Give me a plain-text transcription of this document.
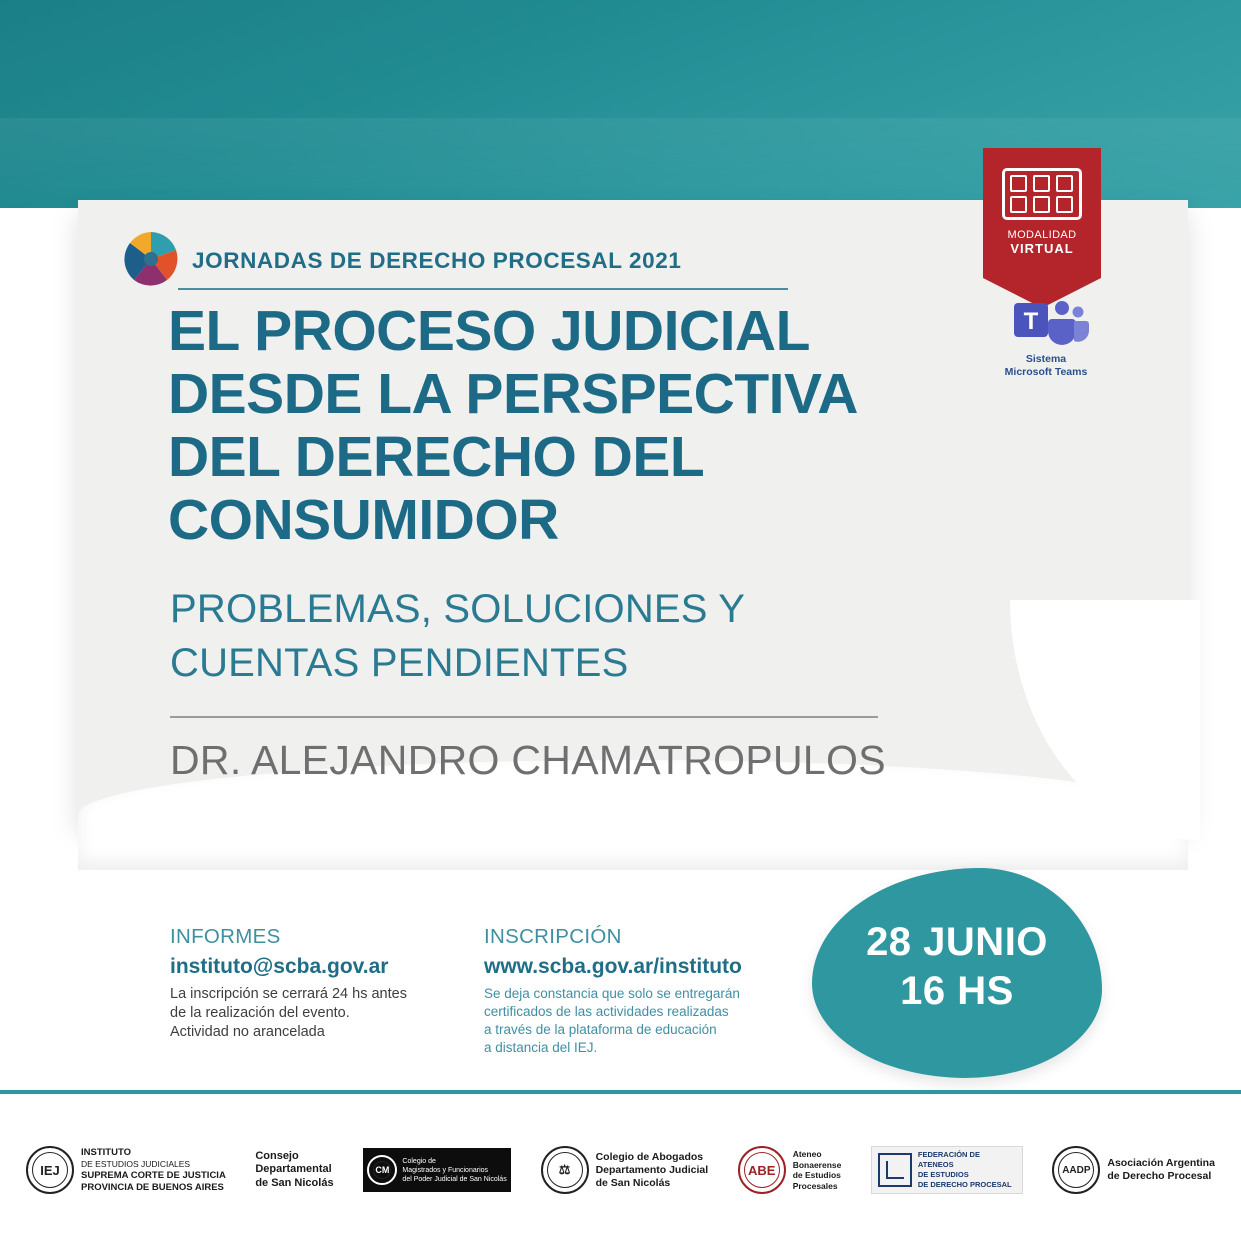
JORNADAS DE DERECHO PROCESAL 2021
EL PROCESO JUDICIAL DESDE LA PERSPECTIVA DEL DERECHO DEL CONSUMIDOR
PROBLEMAS, SOLUCIONES Y CUENTAS PENDIENTES
DR. ALEJANDRO CHAMATROPULOS
MODALIDAD
VIRTUAL
T
Sistema
Microsoft Teams
INFORMES
instituto@scba.gov.ar
La inscripción se cerrará 24 hs antes
de la realización del evento.
Actividad no arancelada
INSCRIPCIÓN
www.scba.gov.ar/instituto
Se deja constancia que solo se entregarán
certificados de las actividades realizadas
a través de la plataforma de educación
a distancia del IEJ.
28 JUNIO
16 HS
IEJ
INSTITUTO
DE ESTUDIOS JUDICIALES
SUPREMA CORTE DE JUSTICIA
PROVINCIA DE BUENOS AIRES
Consejo
Departamental
de San Nicolás
CM
Colegio de
Magistrados y Funcionarios
del Poder Judicial de San Nicolás
⚖
Colegio de Abogados
Departamento Judicial
de San Nicolás
ABE
Ateneo
Bonaerense
de Estudios
Procesales
FEDERACIÓN DE ATENEOS
DE ESTUDIOS
DE DERECHO PROCESAL
AADP
Asociación Argentina
de Derecho Procesal
